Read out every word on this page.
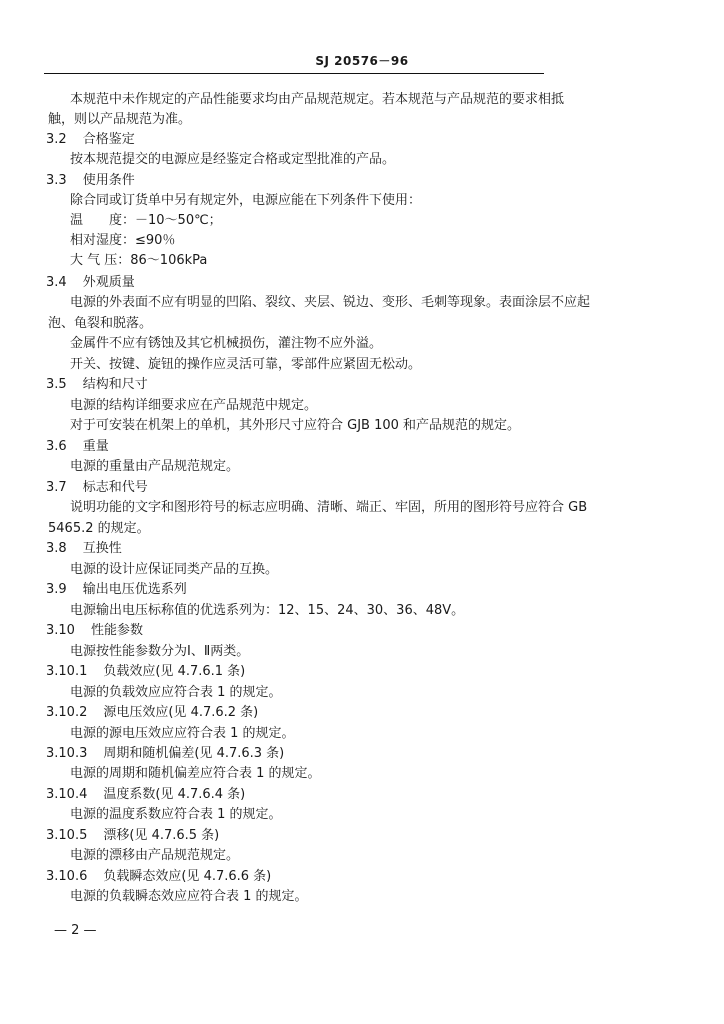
SJ 20576－96
本规范中未作规定的产品性能要求均由产品规范规定。若本规范与产品规范的要求相抵
触，则以产品规范为准。
3.2 合格鉴定
按本规范提交的电源应是经鉴定合格或定型批准的产品。
3.3 使用条件
除合同或订货单中另有规定外，电源应能在下列条件下使用：
温　　度：－10～50℃；
相对湿度：≤90％
大 气 压：86～106kPa
3.4 外观质量
电源的外表面不应有明显的凹陷、裂纹、夹层、锐边、变形、毛刺等现象。表面涂层不应起
泡、龟裂和脱落。
金属件不应有锈蚀及其它机械损伤，灌注物不应外溢。
开关、按键、旋钮的操作应灵活可靠，零部件应紧固无松动。
3.5 结构和尺寸
电源的结构详细要求应在产品规范中规定。
对于可安装在机架上的单机，其外形尺寸应符合 GJB 100 和产品规范的规定。
3.6 重量
电源的重量由产品规范规定。
3.7 标志和代号
说明功能的文字和图形符号的标志应明确、清晰、端正、牢固，所用的图形符号应符合 GB
5465.2 的规定。
3.8 互换性
电源的设计应保证同类产品的互换。
3.9 输出电压优选系列
电源输出电压标称值的优选系列为：12、15、24、30、36、48V。
3.10 性能参数
电源按性能参数分为Ⅰ、Ⅱ两类。
3.10.1 负载效应(见 4.7.6.1 条)
电源的负载效应应符合表 1 的规定。
3.10.2 源电压效应(见 4.7.6.2 条)
电源的源电压效应应符合表 1 的规定。
3.10.3 周期和随机偏差(见 4.7.6.3 条)
电源的周期和随机偏差应符合表 1 的规定。
3.10.4 温度系数(见 4.7.6.4 条)
电源的温度系数应符合表 1 的规定。
3.10.5 漂移(见 4.7.6.5 条)
电源的漂移由产品规范规定。
3.10.6 负载瞬态效应(见 4.7.6.6 条)
电源的负载瞬态效应应符合表 1 的规定。
— 2 —
